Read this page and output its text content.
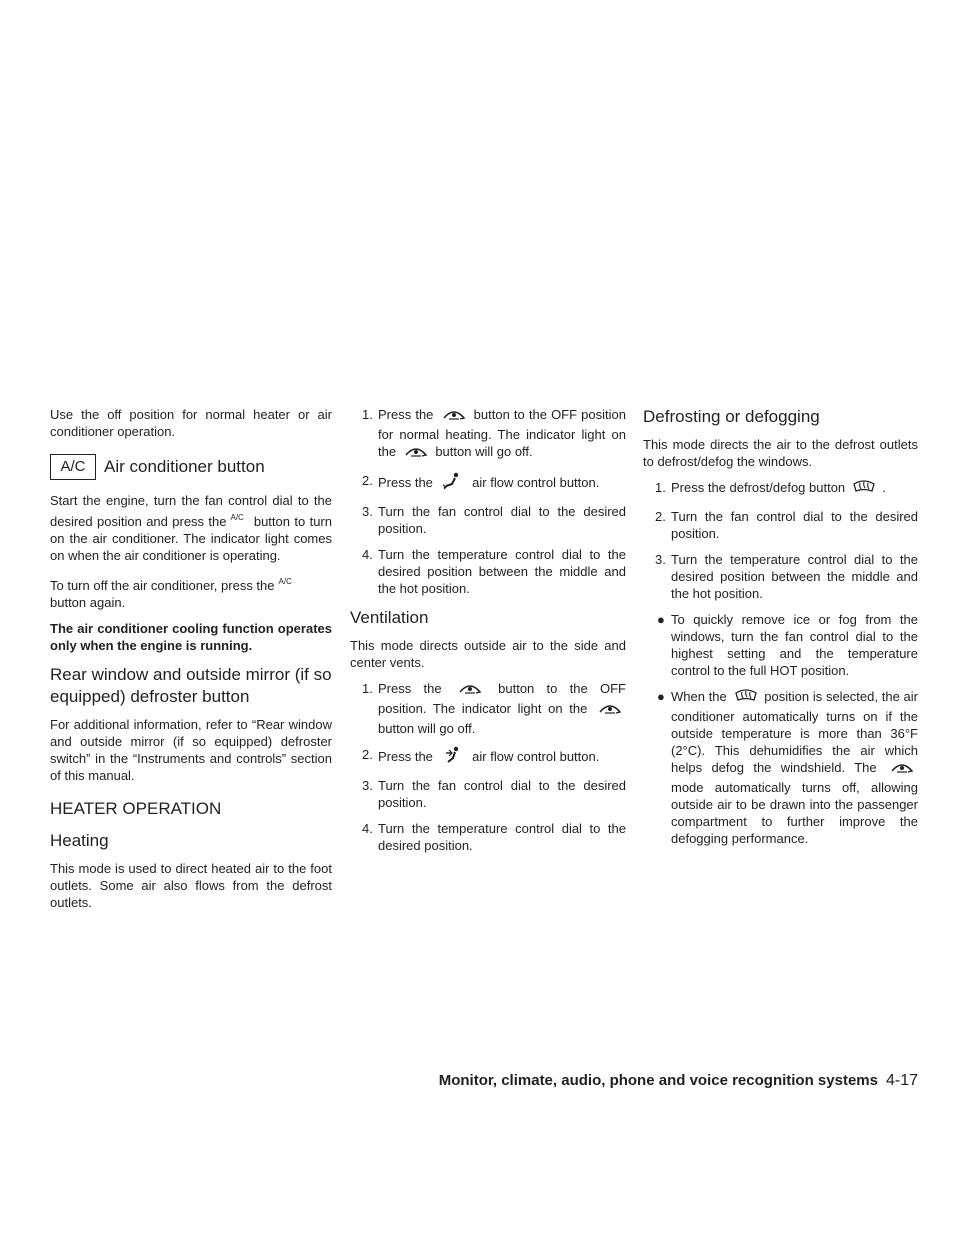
Use the off position for normal heater or air conditioner operation.

A/C	Air conditioner button

Start the engine, turn the fan control dial to the desired position and press the $^{A/C}$ button to turn on the air conditioner. The indicator light comes on when the air conditioner is operating.

To turn off the air conditioner, press the $^{A/C}$
button again.

The air conditioner cooling function operates only when the engine is running.

Rear window and outside mirror (if so equipped) defroster button

For additional information, refer to “Rear window and outside mirror (if so equipped) defroster switch” in the “Instruments and controls” section of this manual.

HEATER OPERATION
Heating

This mode is used to direct heated air to the foot outlets. Some air also flows from the defrost outlets.

1. Press the	button to the OFF position for normal heating. The indicator light on the	button will go off.
2. Press the	air flow control button.
3. Turn the fan control dial to the desired position.
4. Turn the temperature control dial to the desired position between the middle and the hot position.
Ventilation

This mode directs outside air to the side and center vents.

1. Press the	button to the OFF position. The indicator light on the  button will go off.
2. Press the	air flow control button.
3. Turn the fan control dial to the desired position.
4. Turn the temperature control dial to the desired position.
Defrosting or defogging

This mode directs the air to the defrost outlets to defrost/defog the windows.

1. Press the defrost/defog button	.
2. Turn the fan control dial to the desired position.
3. Turn the temperature control dial to the desired position between the middle and the hot position.
● To quickly remove ice or fog from the windows, turn the fan control dial to the highest setting and the temperature control to the full HOT position.
● When the	position is selected, the air conditioner automatically turns on if the outside temperature is more than 36°F (2°C). This dehumidifies the air which helps defog the windshield. The  mode automatically turns off, allowing outside air to be drawn into the passenger compartment to further improve the defogging performance.
Monitor, climate, audio, phone and voice recognition systems 4-17
